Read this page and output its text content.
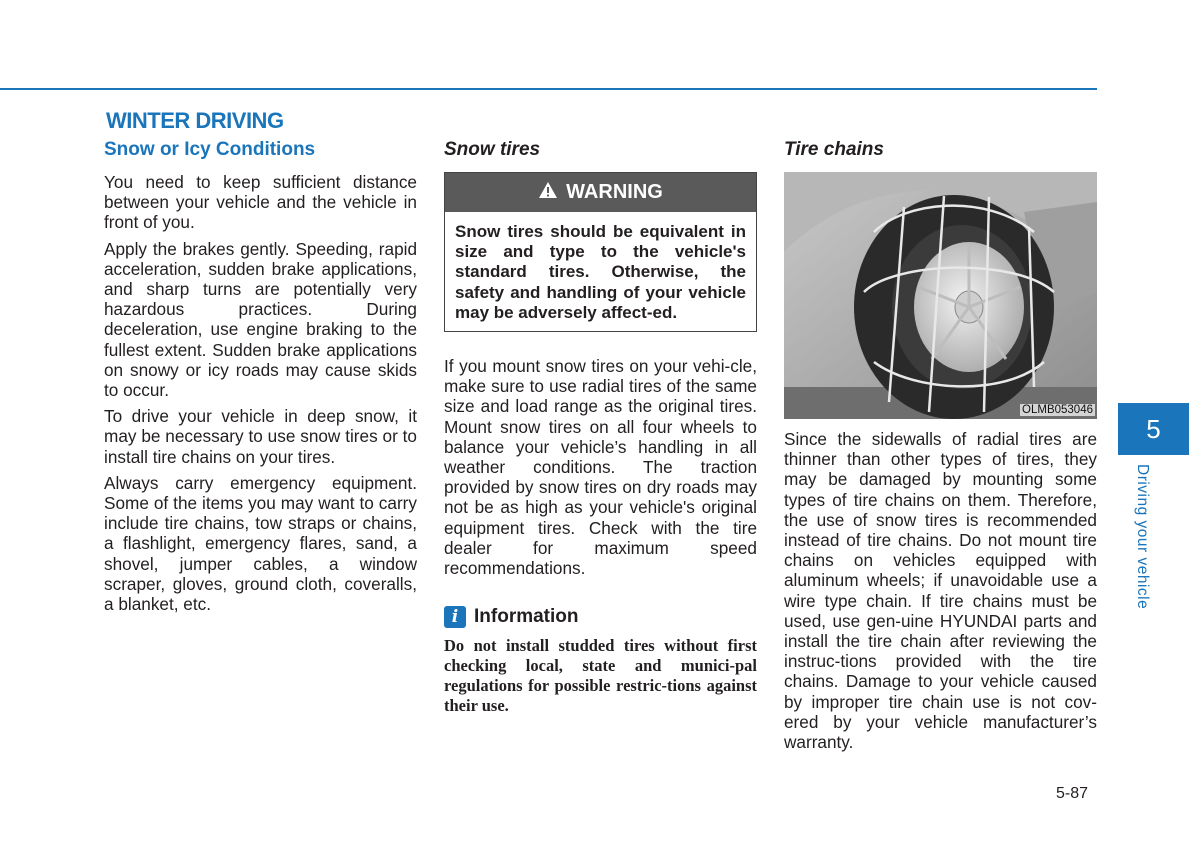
WINTER DRIVING
Snow or Icy Conditions

You need to keep sufficient distance between your vehicle and the vehicle in front of you.

Apply the brakes gently. Speeding, rapid acceleration, sudden brake applications, and sharp turns are potentially very hazardous practices. During deceleration, use engine braking to the fullest extent. Sudden brake applications on snowy or icy roads may cause skids to occur.

To drive your vehicle in deep snow, it may be necessary to use snow tires or to install tire chains on your tires.

Always carry emergency equipment. Some of the items you may want to carry include tire chains, tow straps or chains, a flashlight, emergency flares, sand, a shovel, jumper cables, a window scraper, gloves, ground cloth, coveralls, a blanket, etc.

Snow tires
WARNING
Snow tires should be equivalent in size and type to the vehicle's standard tires. Otherwise, the safety and handling of your vehicle may be adversely affect-ed.

If you mount snow tires on your vehi-cle, make sure to use radial tires of the same size and load range as the original tires. Mount snow tires on all four wheels to balance your vehicle’s handling in all weather conditions. The traction provided by snow tires on dry roads may not be as high as your vehicle's original equipment tires. Check with the tire dealer for maximum speed recommendations.

i Information

Do not install studded tires without first checking local, state and munici-pal regulations for possible restric-tions against their use.

Tire chains
OLMB053046

Since the sidewalls of radial tires are thinner than other types of tires, they may be damaged by mounting some types of tire chains on them. Therefore, the use of snow tires is recommended instead of tire chains. Do not mount tire chains on vehicles equipped with aluminum wheels; if unavoidable use a wire type chain. If tire chains must be used, use gen-uine HYUNDAI parts and install the tire chain after reviewing the instruc-tions provided with the tire chains. Damage to your vehicle caused by improper tire chain use is not cov-ered by your vehicle manufacturer’s warranty.

5
Driving your vehicle
5-87
